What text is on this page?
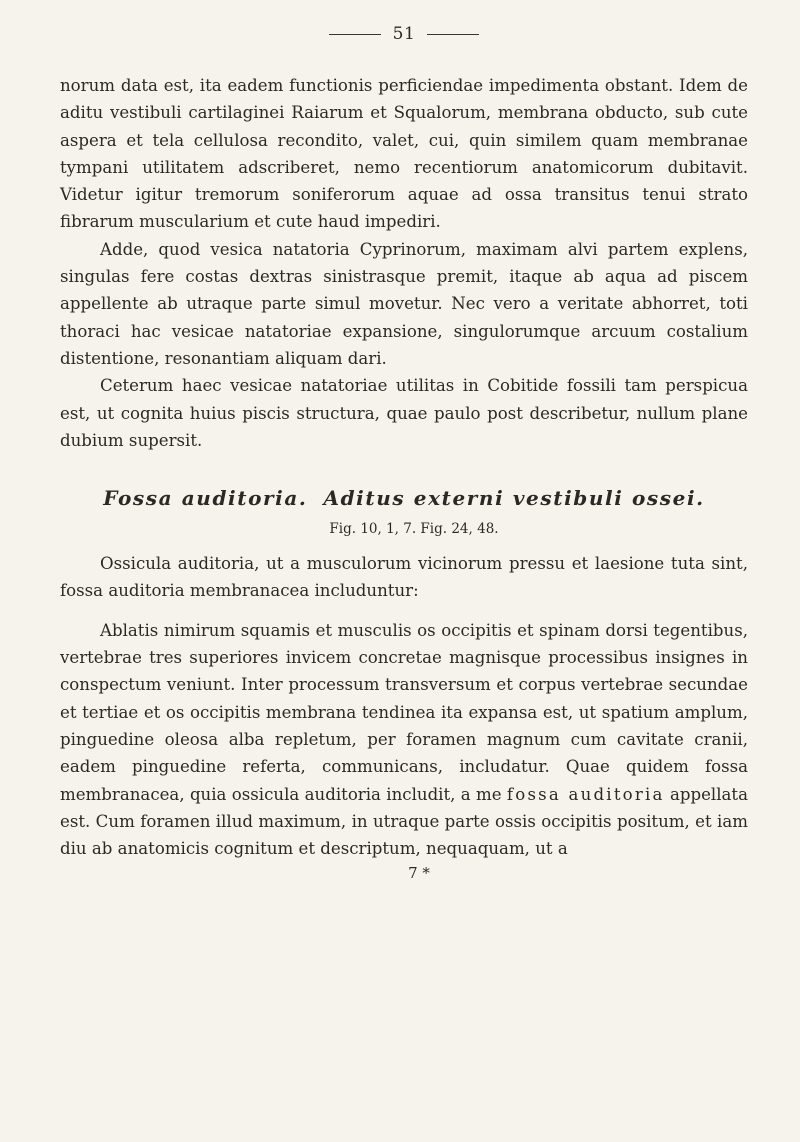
51

norum data est, ita eadem functionis perficiendae impedimenta obstant. Idem de aditu vestibuli cartilaginei Raiarum et Squalorum, membrana obducto, sub cute aspera et tela cellulosa recondito, valet, cui, quin similem quam membranae tympani utilitatem adscriberet, nemo recentiorum anatomicorum dubitavit. Videtur igitur tremorum soniferorum aquae ad ossa transitus tenui strato fibrarum muscularium et cute haud impediri.

Adde, quod vesica natatoria Cyprinorum, maximam alvi partem explens, singulas fere costas dextras sinistrasque premit, itaque ab aqua ad piscem appellente ab utraque parte simul movetur. Nec vero a veritate abhorret, toti thoraci hac vesicae natatoriae expansione, singulorumque arcuum costalium distentione, resonantiam aliquam dari.

Ceterum haec vesicae natatoriae utilitas in Cobitide fossili tam perspicua est, ut cognita huius piscis structura, quae paulo post describetur, nullum plane dubium supersit.

Fossa auditoria. Aditus externi vestibuli ossei.
Fig. 10, 1, 7. Fig. 24, 48.

Ossicula auditoria, ut a musculorum vicinorum pressu et laesione tuta sint, fossa auditoria membranacea includuntur:

Ablatis nimirum squamis et musculis os occipitis et spinam dorsi tegentibus, vertebrae tres superiores invicem concretae magnisque processibus insignes in conspectum veniunt. Inter processum transversum et corpus vertebrae secundae et tertiae et os occipitis membrana tendinea ita expansa est, ut spatium amplum, pinguedine oleosa alba repletum, per foramen magnum cum cavitate cranii, eadem pinguedine referta, communicans, includatur. Quae quidem fossa membranacea, quia ossicula auditoria includit, a me fossa auditoria appellata est. Cum foramen illud maximum, in utraque parte ossis occipitis positum, et iam diu ab anatomicis cognitum et descriptum, nequaquam, ut a

7 *
